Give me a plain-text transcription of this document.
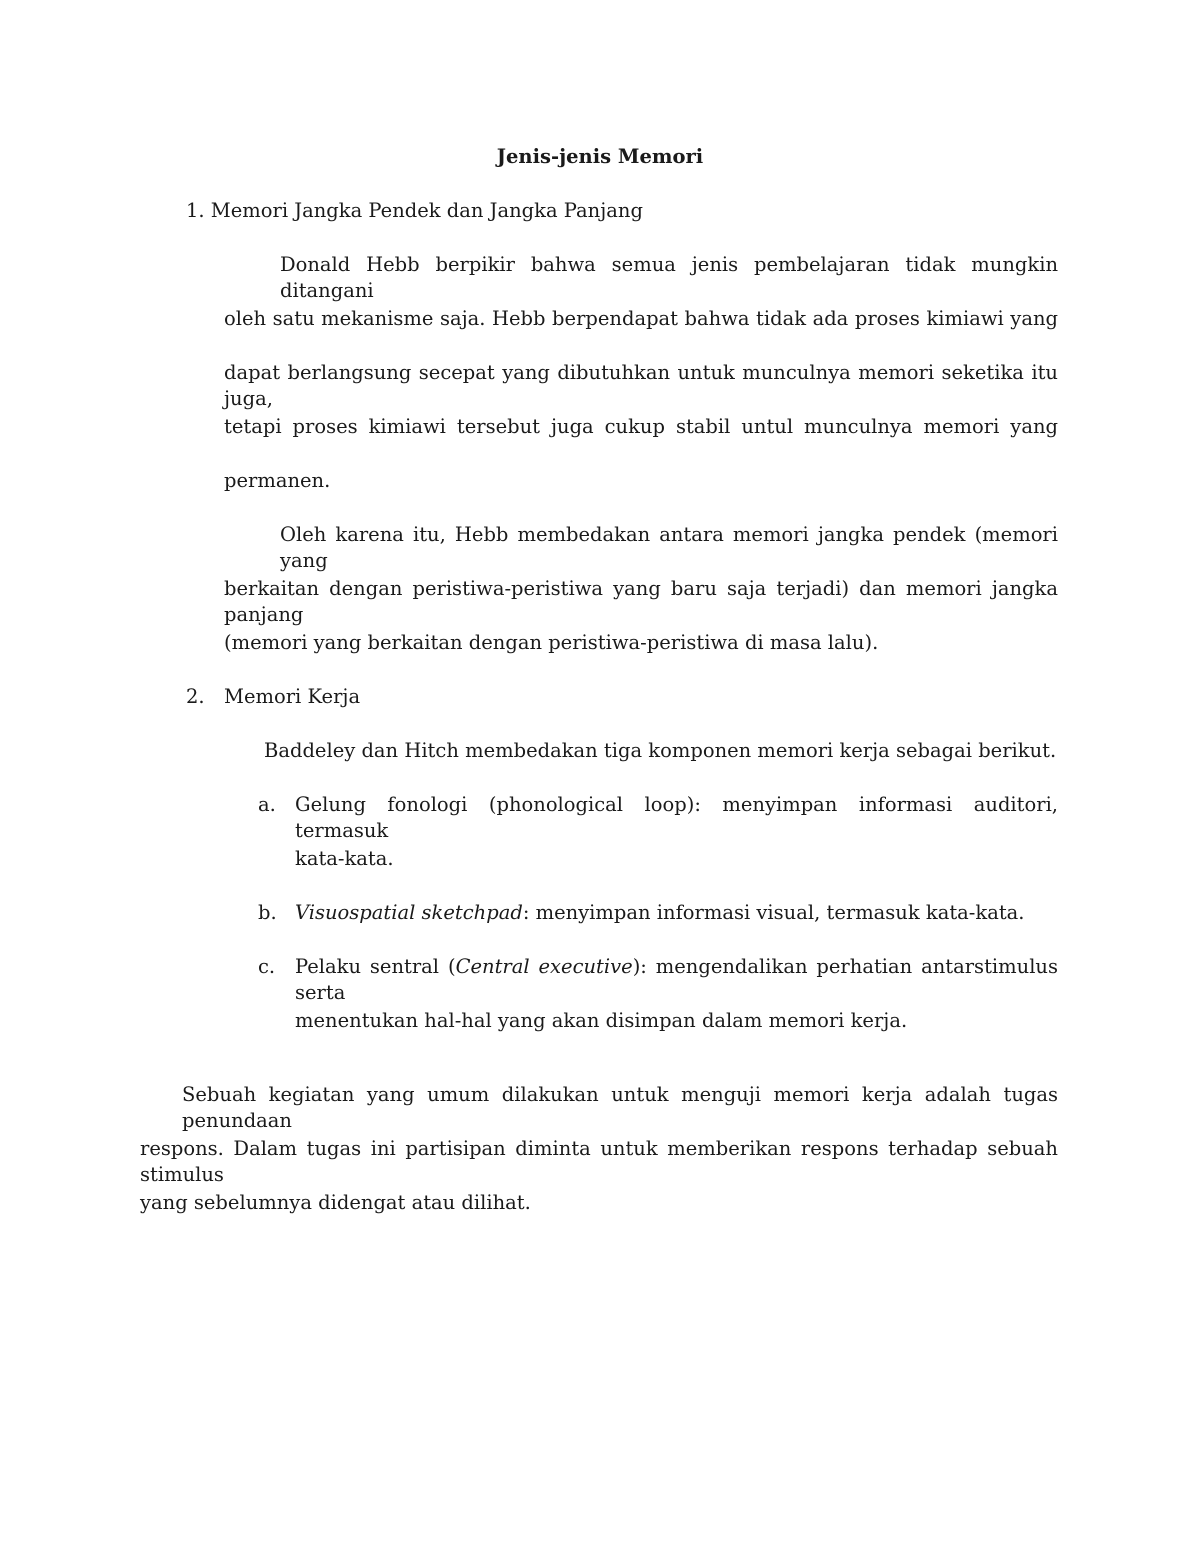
Jenis-jenis Memori
1. Memori Jangka Pendek dan Jangka Panjang
Donald Hebb berpikir bahwa semua jenis pembelajaran tidak mungkin ditangani
oleh satu mekanisme saja. Hebb berpendapat bahwa tidak ada proses kimiawi yang
dapat berlangsung secepat yang dibutuhkan untuk munculnya memori seketika itu juga,
tetapi proses kimiawi tersebut juga cukup stabil untul munculnya memori yang
permanen.
Oleh karena itu, Hebb membedakan antara memori jangka pendek (memori yang
berkaitan dengan peristiwa-peristiwa yang baru saja terjadi) dan memori jangka panjang
(memori yang berkaitan dengan peristiwa-peristiwa di masa lalu).
2. Memori Kerja
Baddeley dan Hitch membedakan tiga komponen memori kerja sebagai berikut.
a. Gelung fonologi (phonological loop): menyimpan informasi auditori, termasuk
kata-kata.
b. Visuospatial sketchpad: menyimpan informasi visual, termasuk kata-kata.
c. Pelaku sentral (Central executive): mengendalikan perhatian antarstimulus serta
menentukan hal-hal yang akan disimpan dalam memori kerja.
Sebuah kegiatan yang umum dilakukan untuk menguji memori kerja adalah tugas penundaan
respons. Dalam tugas ini partisipan diminta untuk memberikan respons terhadap sebuah stimulus
yang sebelumnya didengat atau dilihat.
